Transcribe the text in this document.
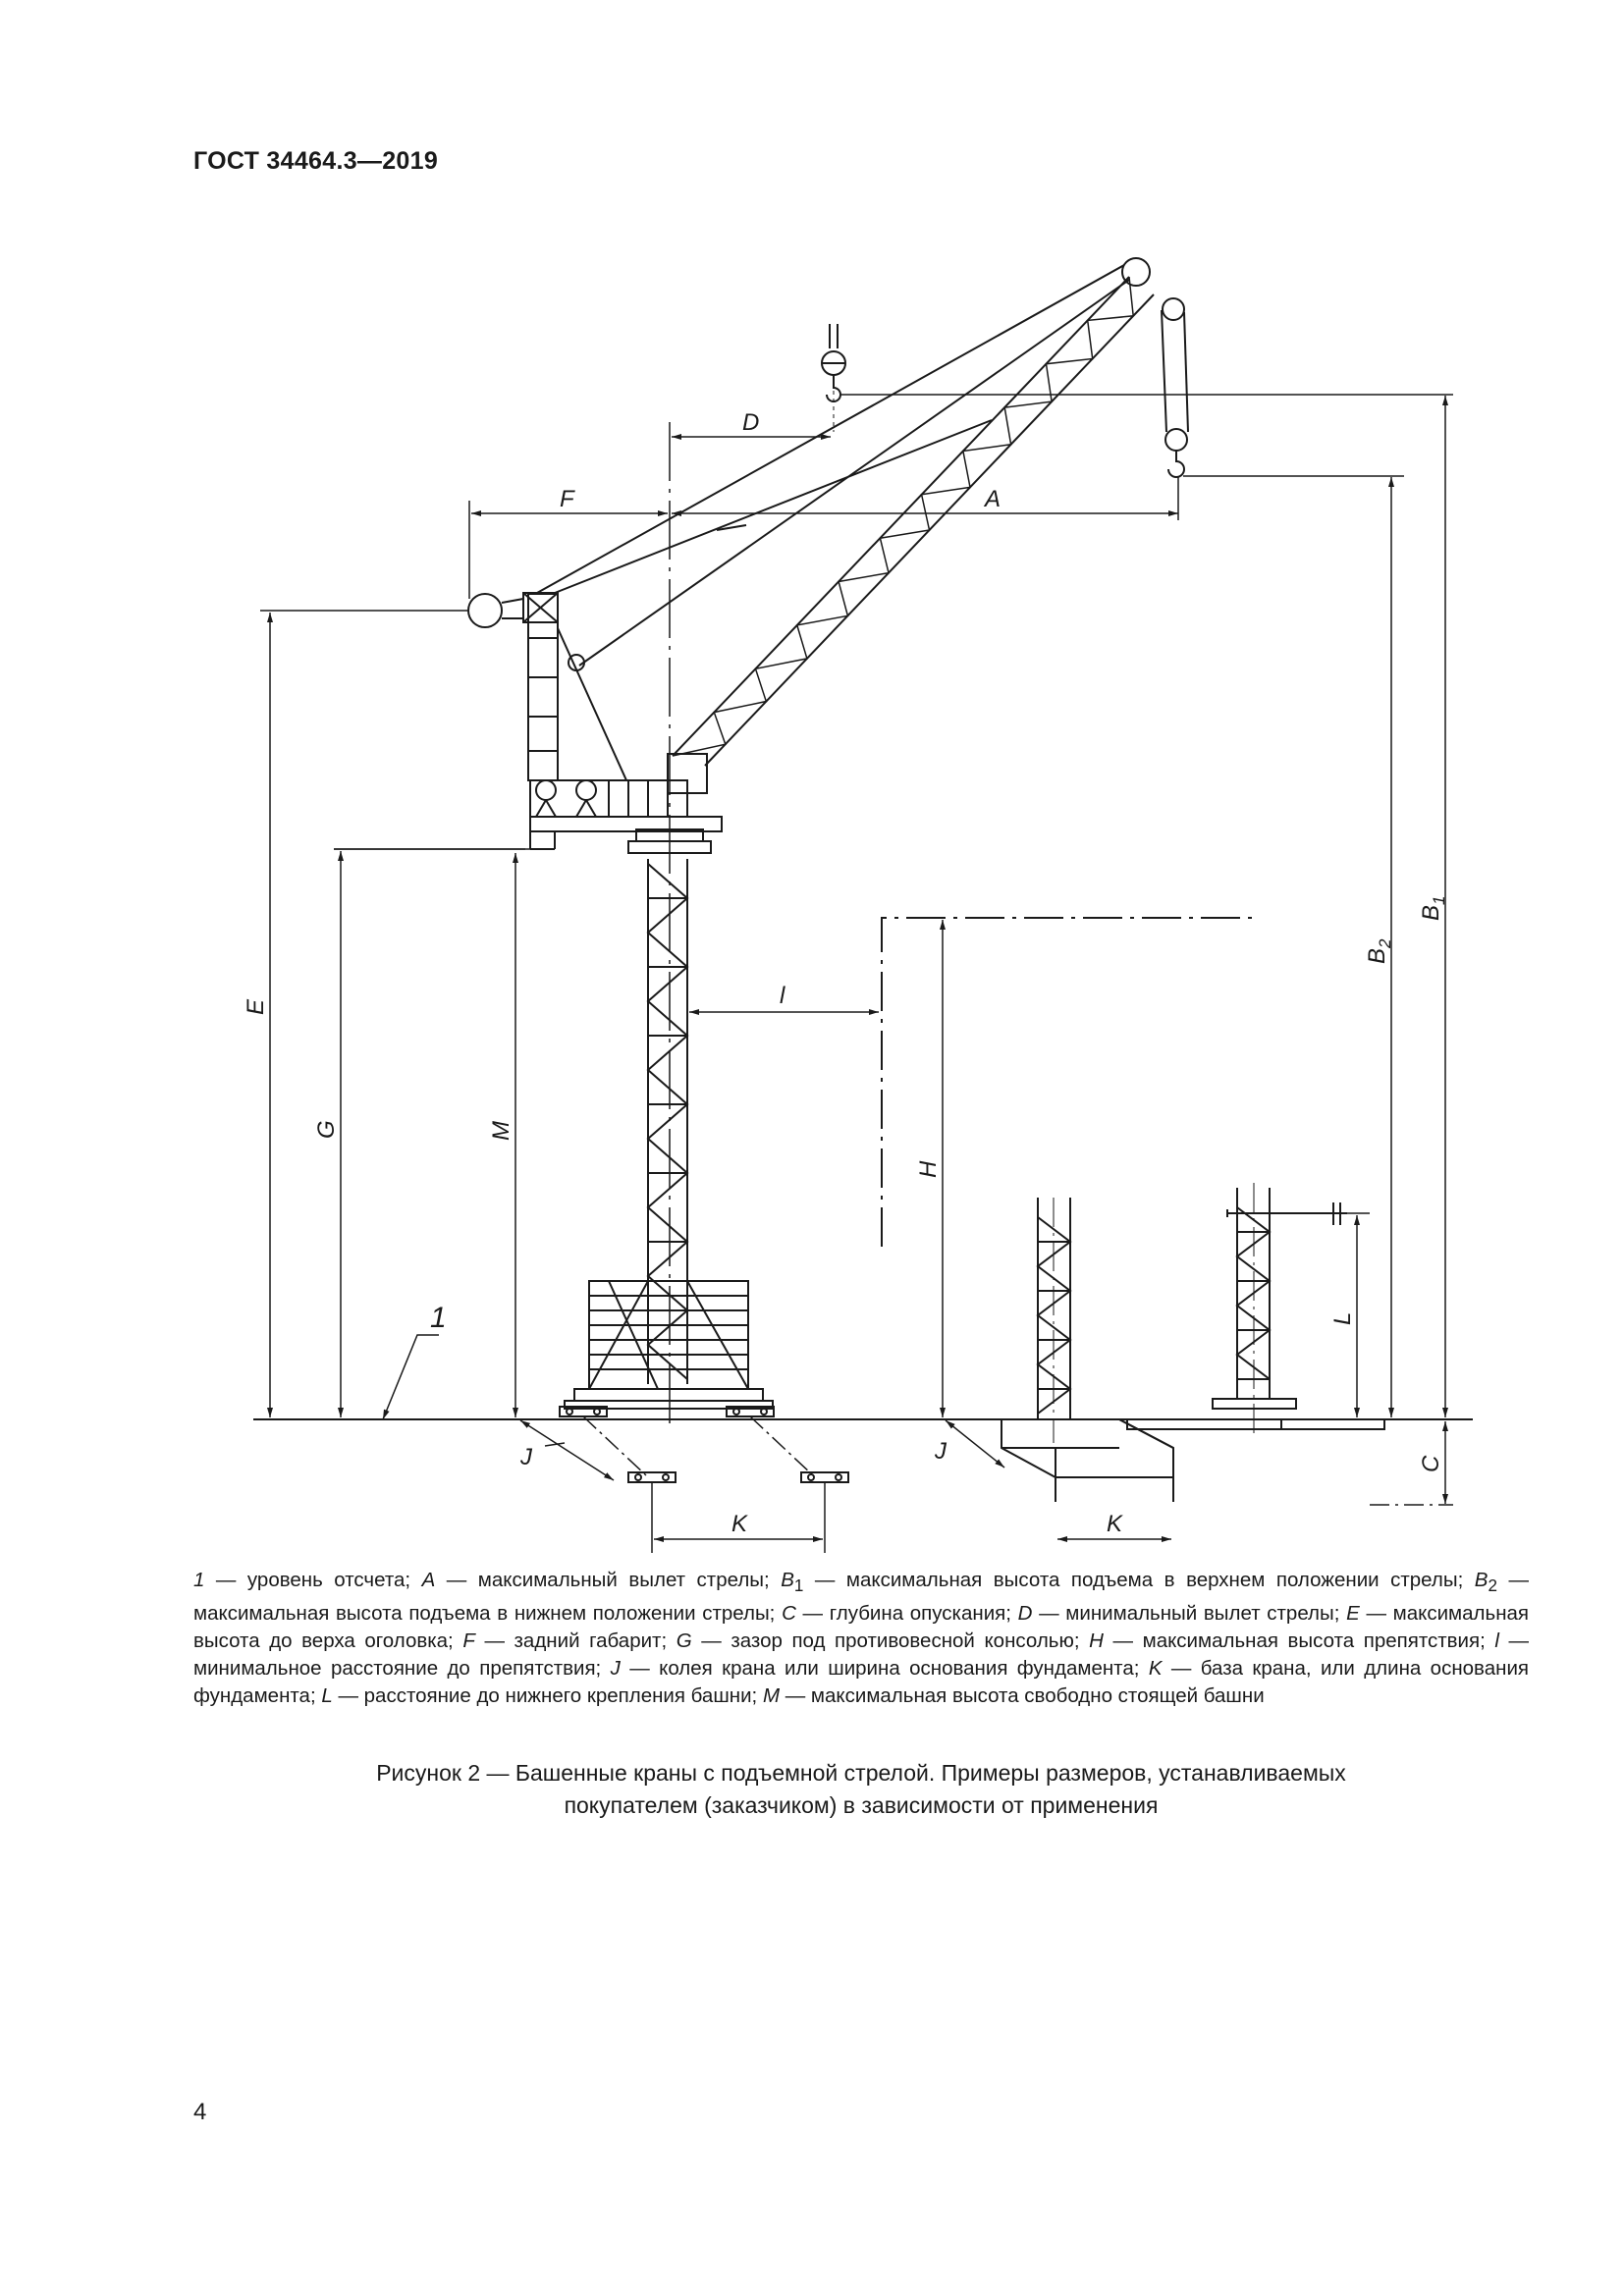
ГОСТ 34464.3—2019
F	A
D
l
K	K
J	J
1
E
G	M
H
L
C
B
1
B
2
1 — уровень отсчета; A — максимальный вылет стрелы; $B_1$ — максимальная высота подъема в верхнем положении стрелы; $B_2$ — максимальная высота подъема в нижнем положении стрелы; C — глубина опускания; D — минимальный вылет стрелы; E — максимальная высота до верха оголовка; F — задний габарит; G — зазор под противовесной консолью; H — максимальная высота препятствия; l — минимальное расстояние до препятствия; J — колея крана или ширина основания фундамента; K — база крана, или длина основания фундамента; L — расстояние до нижнего крепления башни; M — максимальная высота свободно стоящей башни
Рисунок 2 — Башенные краны с подъемной стрелой. Примеры размеров, устанавливаемых
покупателем (заказчиком) в зависимости от применения
4
